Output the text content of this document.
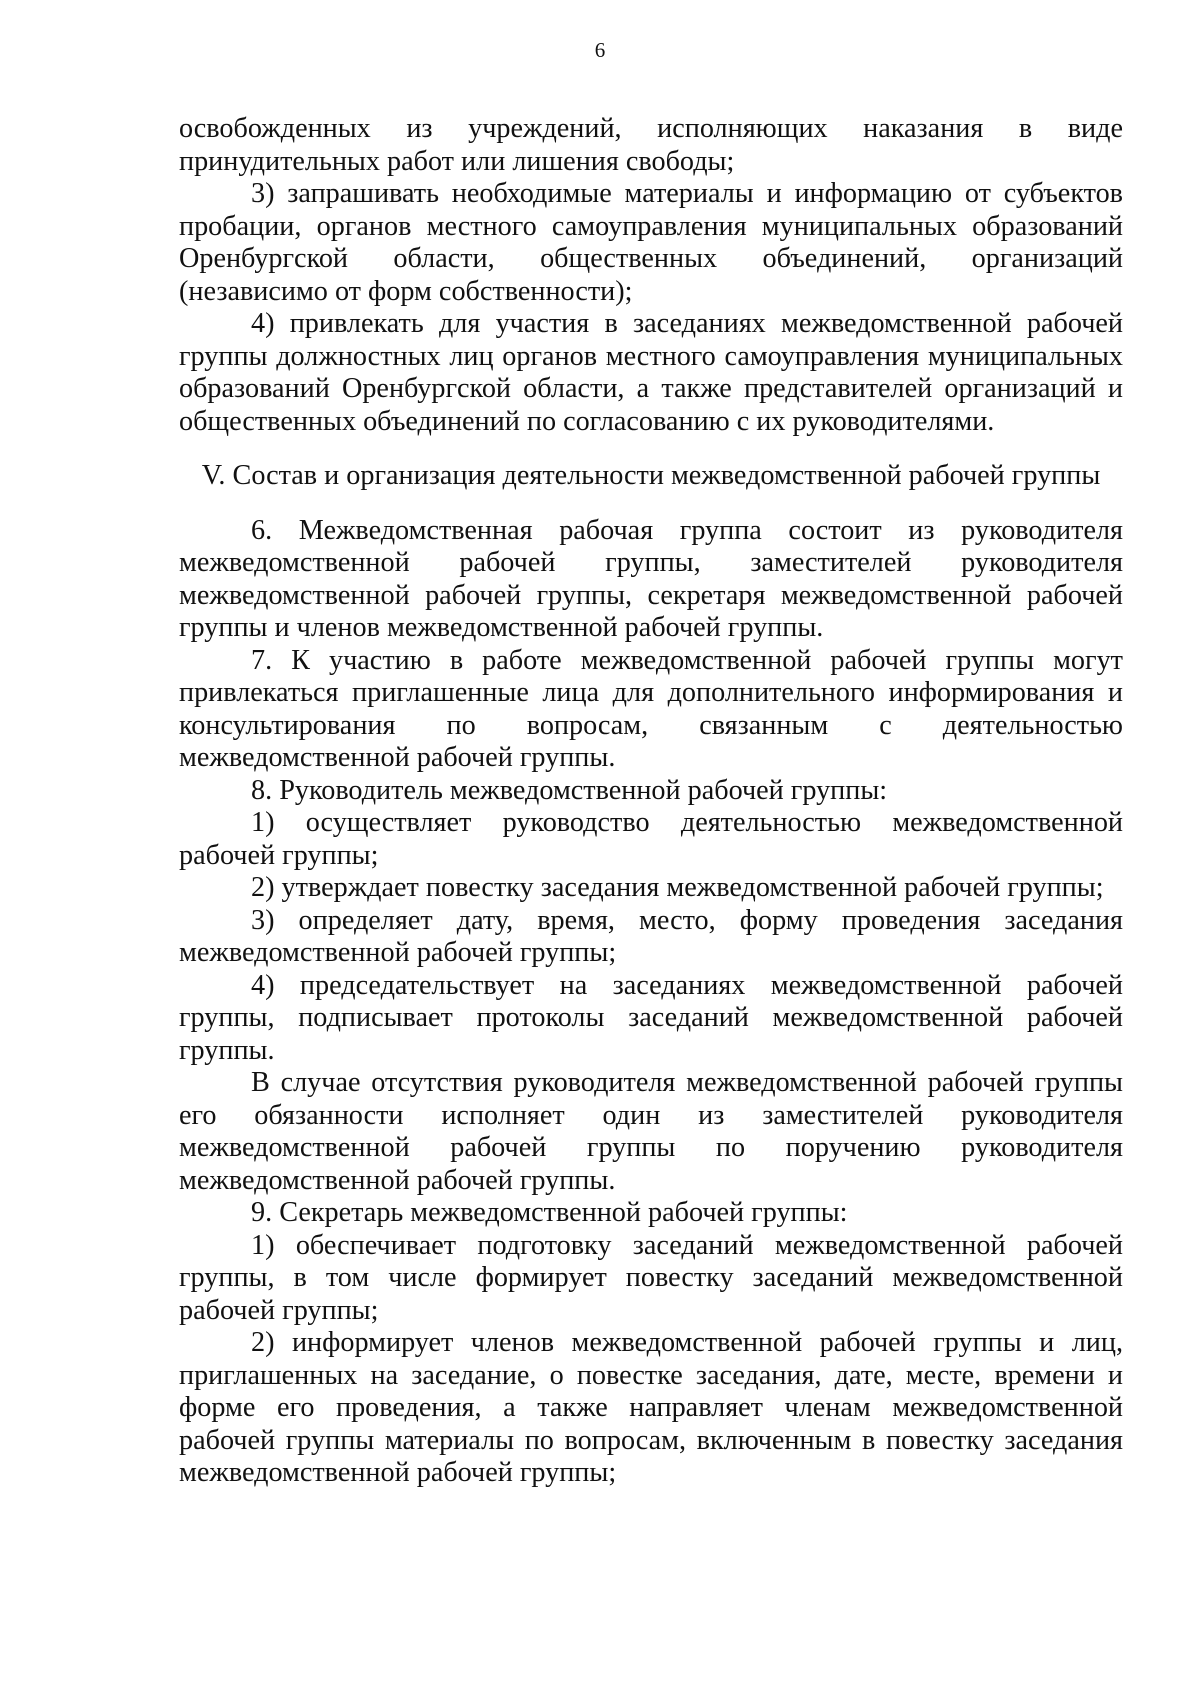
6

освобожденных из учреждений, исполняющих наказания в виде принудительных работ или лишения свободы;

3) запрашивать необходимые материалы и информацию от субъектов пробации, органов местного самоуправления муниципальных образований Оренбургской области, общественных объединений, организаций (независимо от форм собственности);

4) привлекать для участия в заседаниях межведомственной рабочей группы должностных лиц органов местного самоуправления муниципальных образований Оренбургской области, а также представителей организаций и общественных объединений по согласованию с их руководителями.

V. Состав и организация деятельности межведомственной рабочей группы

6. Межведомственная рабочая группа состоит из руководителя межведомственной рабочей группы, заместителей руководителя межведомственной рабочей группы, секретаря межведомственной рабочей группы и членов межведомственной рабочей группы.

7. К участию в работе межведомственной рабочей группы могут привлекаться приглашенные лица для дополнительного информирования и консультирования по вопросам, связанным с деятельностью межведомственной рабочей группы.

8. Руководитель межведомственной рабочей группы:

1) осуществляет руководство деятельностью межведомственной рабочей группы;

2) утверждает повестку заседания межведомственной рабочей группы;

3) определяет дату, время, место, форму проведения заседания межведомственной рабочей группы;

4) председательствует на заседаниях межведомственной рабочей группы, подписывает протоколы заседаний межведомственной рабочей группы.

В случае отсутствия руководителя межведомственной рабочей группы его обязанности исполняет один из заместителей руководителя межведомственной рабочей группы по поручению руководителя межведомственной рабочей группы.

9. Секретарь межведомственной рабочей группы:

1) обеспечивает подготовку заседаний межведомственной рабочей группы, в том числе формирует повестку заседаний межведомственной рабочей группы;

2) информирует членов межведомственной рабочей группы и лиц, приглашенных на заседание, о повестке заседания, дате, месте, времени и форме его проведения, а также направляет членам межведомственной рабочей группы материалы по вопросам, включенным в повестку заседания межведомственной рабочей группы;
